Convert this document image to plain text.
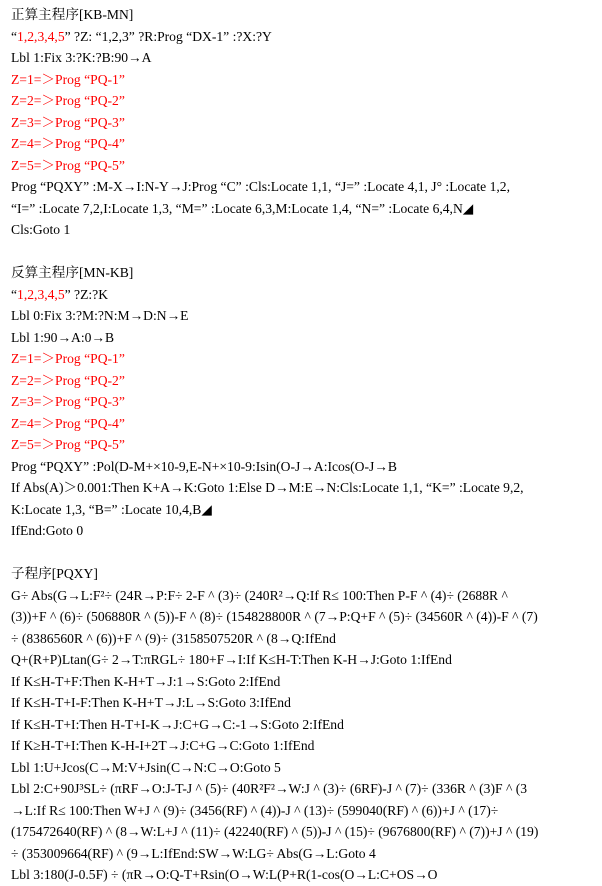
正算主程序[KB-MN]
“1,2,3,4,5” ?Z: “1,2,3” ?R:Prog “DX-1” :?X:?Y
Lbl 1:Fix 3:?K:?B:90→A
Z=1=＞Prog “PQ-1”
Z=2=＞Prog “PQ-2”
Z=3=＞Prog “PQ-3”
Z=4=＞Prog “PQ-4”
Z=5=＞Prog “PQ-5”
Prog “PQXY” :M-X→I:N-Y→J:Prog “C” :Cls:Locate 1,1, “J=” :Locate 4,1, J° :Locate 1,2,
“I=” :Locate 7,2,I:Locate 1,3, “M=” :Locate 6,3,M:Locate 1,4, “N=” :Locate 6,4,N◢
Cls:Goto 1
反算主程序[MN-KB]
“1,2,3,4,5” ?Z:?K
Lbl 0:Fix 3:?M:?N:M→D:N→E
Lbl 1:90→A:0→B
Z=1=＞Prog “PQ-1”
Z=2=＞Prog “PQ-2”
Z=3=＞Prog “PQ-3”
Z=4=＞Prog “PQ-4”
Z=5=＞Prog “PQ-5”
Prog “PQXY” :Pol(D-M+×10-9,E-N+×10-9:Isin(O-J→A:Icos(O-J→B
If Abs(A)＞0.001:Then K+A→K:Goto 1:Else D→M:E→N:Cls:Locate 1,1, “K=” :Locate 9,2,
K:Locate 1,3, “B=” :Locate 10,4,B◢
IfEnd:Goto 0
子程序[PQXY]
G÷ Abs(G→L:F²÷ (24R→P:F÷ 2-F ^ (3)÷ (240R²→Q:If R≤ 100:Then P-F ^ (4)÷ (2688R ^
(3))+F ^ (6)÷ (506880R ^ (5))-F ^ (8)÷ (154828800R ^ (7→P:Q+F ^ (5)÷ (34560R ^ (4))-F ^ (7)
÷ (8386560R ^ (6))+F ^ (9)÷ (3158507520R ^ (8→Q:IfEnd
Q+(R+P)Ltan(G÷ 2→T:πRGL÷ 180+F→I:If K≤H-T:Then K-H→J:Goto 1:IfEnd
If K≤H-T+F:Then K-H+T→J:1→S:Goto 2:IfEnd
If K≤H-T+I-F:Then K-H+T→J:L→S:Goto 3:IfEnd
If K≤H-T+I:Then H-T+I-K→J:C+G→C:-1→S:Goto 2:IfEnd
If K≥H-T+I:Then K-H-I+2T→J:C+G→C:Goto 1:IfEnd
Lbl 1:U+Jcos(C→M:V+Jsin(C→N:C→O:Goto 5
Lbl 2:C+90J³SL÷ (πRF→O:J-T-J ^ (5)÷ (40R²F²→W:J ^ (3)÷ (6RF)-J ^ (7)÷ (336R ^ (3)F ^ (3
→L:If R≤ 100:Then W+J ^ (9)÷ (3456(RF) ^ (4))-J ^ (13)÷ (599040(RF) ^ (6))+J ^ (17)÷
(175472640(RF) ^ (8→W:L+J ^ (11)÷ (42240(RF) ^ (5))-J ^ (15)÷ (9676800(RF) ^ (7))+J ^ (19)
÷ (353009664(RF) ^ (9→L:IfEnd:SW→W:LG÷ Abs(G→L:Goto 4
Lbl 3:180(J-0.5F) ÷ (πR→O:Q-T+Rsin(O→W:L(P+R(1-cos(O→L:C+OS→O
